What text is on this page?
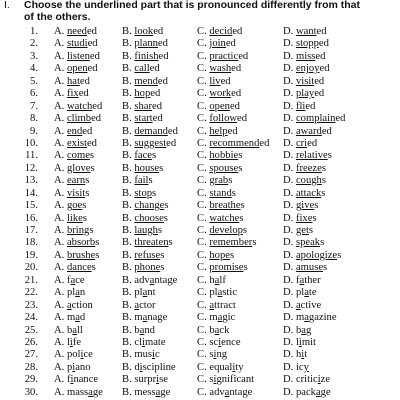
I. Choose the underlined part that is pronounced differently from that
of the others.
1. A. needed B. looked	C. decided	D. wanted
2. A. studied B. planned	C. joined	D. stopped
3. A. listened B. finished	C. practiced	D. missed
4. A. opened B. called	C. washed	D. enjoyed
5. A. hated	B. mended	C. lived	D. visited
6. A. fixed	B. hoped	C. worked	D. played
7. A. watched B. shared	C. opened	D. flied
8. A. climbed B. started	C. followed	D. complained
9. A. ended	B. demanded C. helped	D. awarded
10. A. existed B. suggested C. recommended D. cried
11. A. comes	B. faces	C. hobbies	D. relatives
12. A. gloves	B. houses	C. spouses	D. freezes
13. A. earns	B. fails	C. grabs	D. coughs
14. A. visits	B. stops	C. stands	D. attacks
15. A. goes	B. changes	C. breathes	D. gives
16. A. likes	B. chooses	C. watches	D. fixes
17. A. brings	B. laughs	C. develops	D. gets
18. A. absorbs B. threatens C. remembers	D. speaks
19. A. brushes B. refuses	C. hopes	D. apologizes
20. A. dances B. phones	C. promises	D. amuses
21. A. face	B. advantage C. half	D. father
22. A. plan	B. plant	C. plastic	D. plate
23. A. action	B. actor	C. attract	D. active
24. A. mad	B. manage	C. magic	D. magazine
25. A. ball	B. band	C. back	D. bag
26. A. life	B. climate	C. science	D. limit
27. A. police	B. music	C. sing	D. hit
28. A. piano	B. discipline C. equality	D. icy
29. A. finance B. surprise	C. significant	D. criticize
30. A. massage B. message	C. advantage	D. package
